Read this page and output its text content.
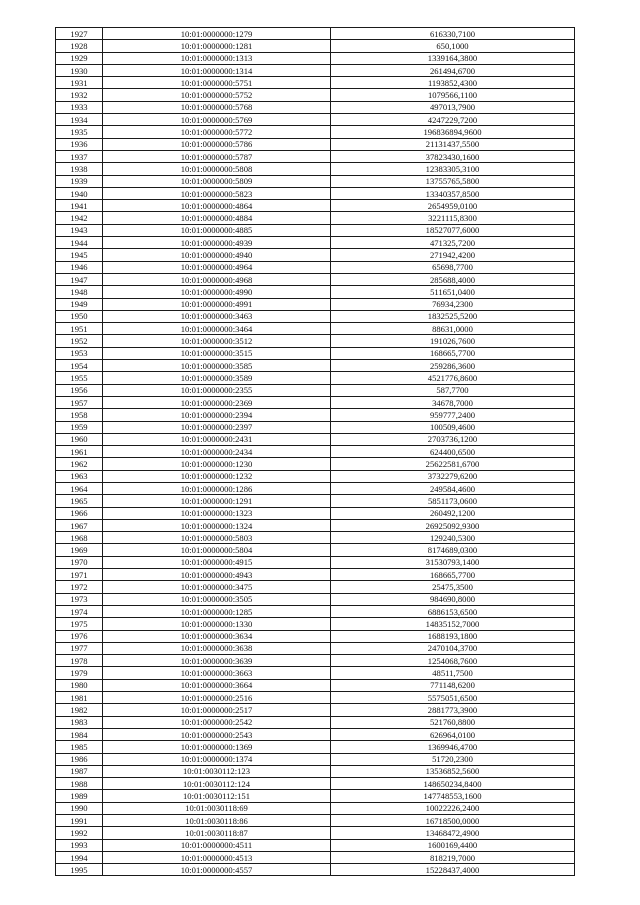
1927	10:01:0000000:1279	616330,7100
1928	10:01:0000000:1281	650,1000
1929	10:01:0000000:1313	1339164,3800
1930	10:01:0000000:1314	261494,6700
1931	10:01:0000000:5751	1193852,4300
1932	10:01:0000000:5752	1079566,1100
1933	10:01:0000000:5768	497013,7900
1934	10:01:0000000:5769	4247229,7200
1935	10:01:0000000:5772	196836894,9600
1936	10:01:0000000:5786	21131437,5500
1937	10:01:0000000:5787	37823430,1600
1938	10:01:0000000:5808	12383305,3100
1939	10:01:0000000:5809	13755765,5800
1940	10:01:0000000:5823	13340357,8500
1941	10:01:0000000:4864	2654959,0100
1942	10:01:0000000:4884	3221115,8300
1943	10:01:0000000:4885	18527077,6000
1944	10:01:0000000:4939	471325,7200
1945	10:01:0000000:4940	271942,4200
1946	10:01:0000000:4964	65698,7700
1947	10:01:0000000:4968	285688,4000
1948	10:01:0000000:4990	511651,0400
1949	10:01:0000000:4991	76934,2300
1950	10:01:0000000:3463	1832525,5200
1951	10:01:0000000:3464	88631,0000
1952	10:01:0000000:3512	191026,7600
1953	10:01:0000000:3515	168665,7700
1954	10:01:0000000:3585	259286,3600
1955	10:01:0000000:3589	4521776,8600
1956	10:01:0000000:2355	587,7700
1957	10:01:0000000:2369	34678,7000
1958	10:01:0000000:2394	959777,2400
1959	10:01:0000000:2397	100509,4600
1960	10:01:0000000:2431	2703736,1200
1961	10:01:0000000:2434	624400,6500
1962	10:01:0000000:1230	25622581,6700
1963	10:01:0000000:1232	3732279,6200
1964	10:01:0000000:1286	249584,4600
1965	10:01:0000000:1291	5851173,0600
1966	10:01:0000000:1323	260492,1200
1967	10:01:0000000:1324	26925092,9300
1968	10:01:0000000:5803	129240,5300
1969	10:01:0000000:5804	8174689,0300
1970	10:01:0000000:4915	31530793,1400
1971	10:01:0000000:4943	168665,7700
1972	10:01:0000000:3475	25475,3500
1973	10:01:0000000:3505	984690,8000
1974	10:01:0000000:1285	6886153,6500
1975	10:01:0000000:1330	14835152,7000
1976	10:01:0000000:3634	1688193,1800
1977	10:01:0000000:3638	2470104,3700
1978	10:01:0000000:3639	1254068,7600
1979	10:01:0000000:3663	48511,7500
1980	10:01:0000000:3664	771148,6200
1981	10:01:0000000:2516	5575051,6500
1982	10:01:0000000:2517	2881773,3900
1983	10:01:0000000:2542	521760,8800
1984	10:01:0000000:2543	626964,0100
1985	10:01:0000000:1369	1369946,4700
1986	10:01:0000000:1374	51720,2300
1987	10:01:0030112:123	13536852,5600
1988	10:01:0030112:124	148650234,8400
1989	10:01:0030112:151	147748553,1600
1990	10:01:0030118:69	10022226,2400
1991	10:01:0030118:86	16718500,0000
1992	10:01:0030118:87	13468472,4900
1993	10:01:0000000:4511	1600169,4400
1994	10:01:0000000:4513	818219,7000
1995	10:01:0000000:4557	15228437,4000
